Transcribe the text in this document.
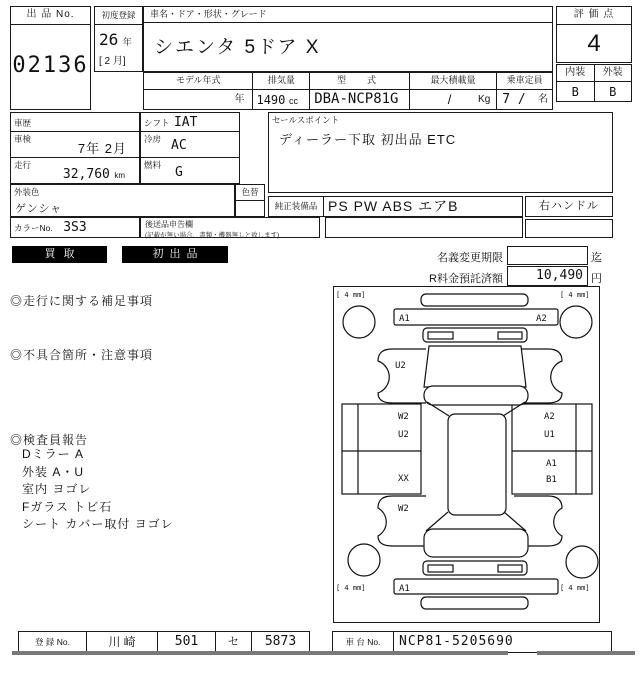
出 品 No.
02136
初度登録
26 年
[ 2 月]
車名・ドア・形状・グレード
シエンタ 5ドア X
モデル年式
年
排気量
1490 cc
型　式
DBA-NCP81G
最大積載量
/	Kg
乗車定員
7 / 名
評 価 点
4
内装	外装
B	B
車歴
車検
7年 2月
走行
32,760 km
シフト IAT
冷房 AC
燃料 G
外装色
ゲンシャ
色替
カラーNo. 3S3	後送品申告欄
(記載が無い場合、書類・機器無しと致します)
セールスポイント
ディーラー下取 初出品 ETC
純正装備品 PS PW ABS エアB	右ハンドル
買取	初出品	名義変更期限	迄
R料金預託済額	10,490 円
◎走行に関する補足事項
◎不具合箇所・注意事項
◎検査員報告
Dミラー A
外装 A・U
室内 ヨゴレ
Fガラス トビ石
シート カバー取付 ヨゴレ
[ 4 mm]	[ 4 mm]
[ 4 mm]	[ 4 mm]
A1	A2
U2
W2
U2
XX
W2
A2
U1
A1
B1
A1
登 録 No.	川 崎	501	セ	5873	車 台 No.	NCP81-5205690
